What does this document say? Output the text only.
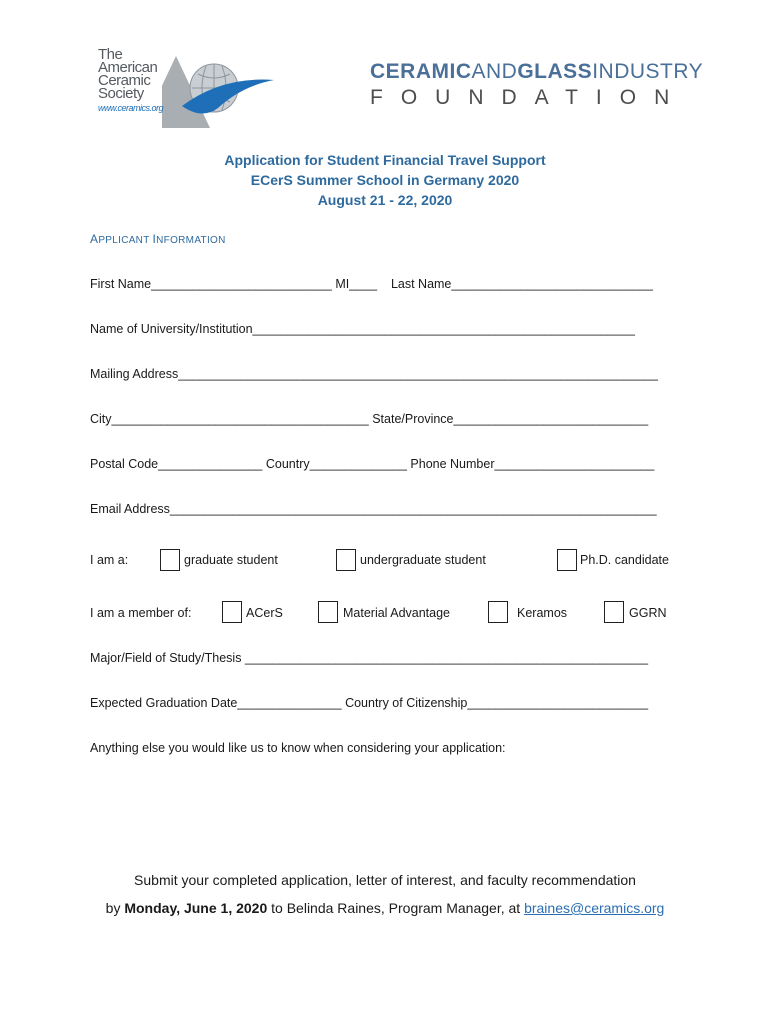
The
American
Ceramic
Society
www.ceramics.org
CERAMICANDGLASSINDUSTRY
FOUNDATION
Application for Student Financial Travel Support
ECerS Summer School in Germany 2020
August 21 - 22, 2020
APPLICANT INFORMATION
First Name__________________________ MI____ Last Name_____________________________
Name of University/Institution_______________________________________________________
Mailing Address_____________________________________________________________________
City_____________________________________ State/Province____________________________
Postal Code_______________ Country______________ Phone Number_______________________
Email Address______________________________________________________________________
I am a:	graduate student	undergraduate student	Ph.D. candidate
I am a member of:	ACerS	Material Advantage	Keramos	GGRN
Major/Field of Study/Thesis __________________________________________________________
Expected Graduation Date_______________ Country of Citizenship__________________________
Anything else you would like us to know when considering your application:
Submit your completed application, letter of interest, and faculty recommendation
by Monday, June 1, 2020 to Belinda Raines, Program Manager, at braines@ceramics.org
